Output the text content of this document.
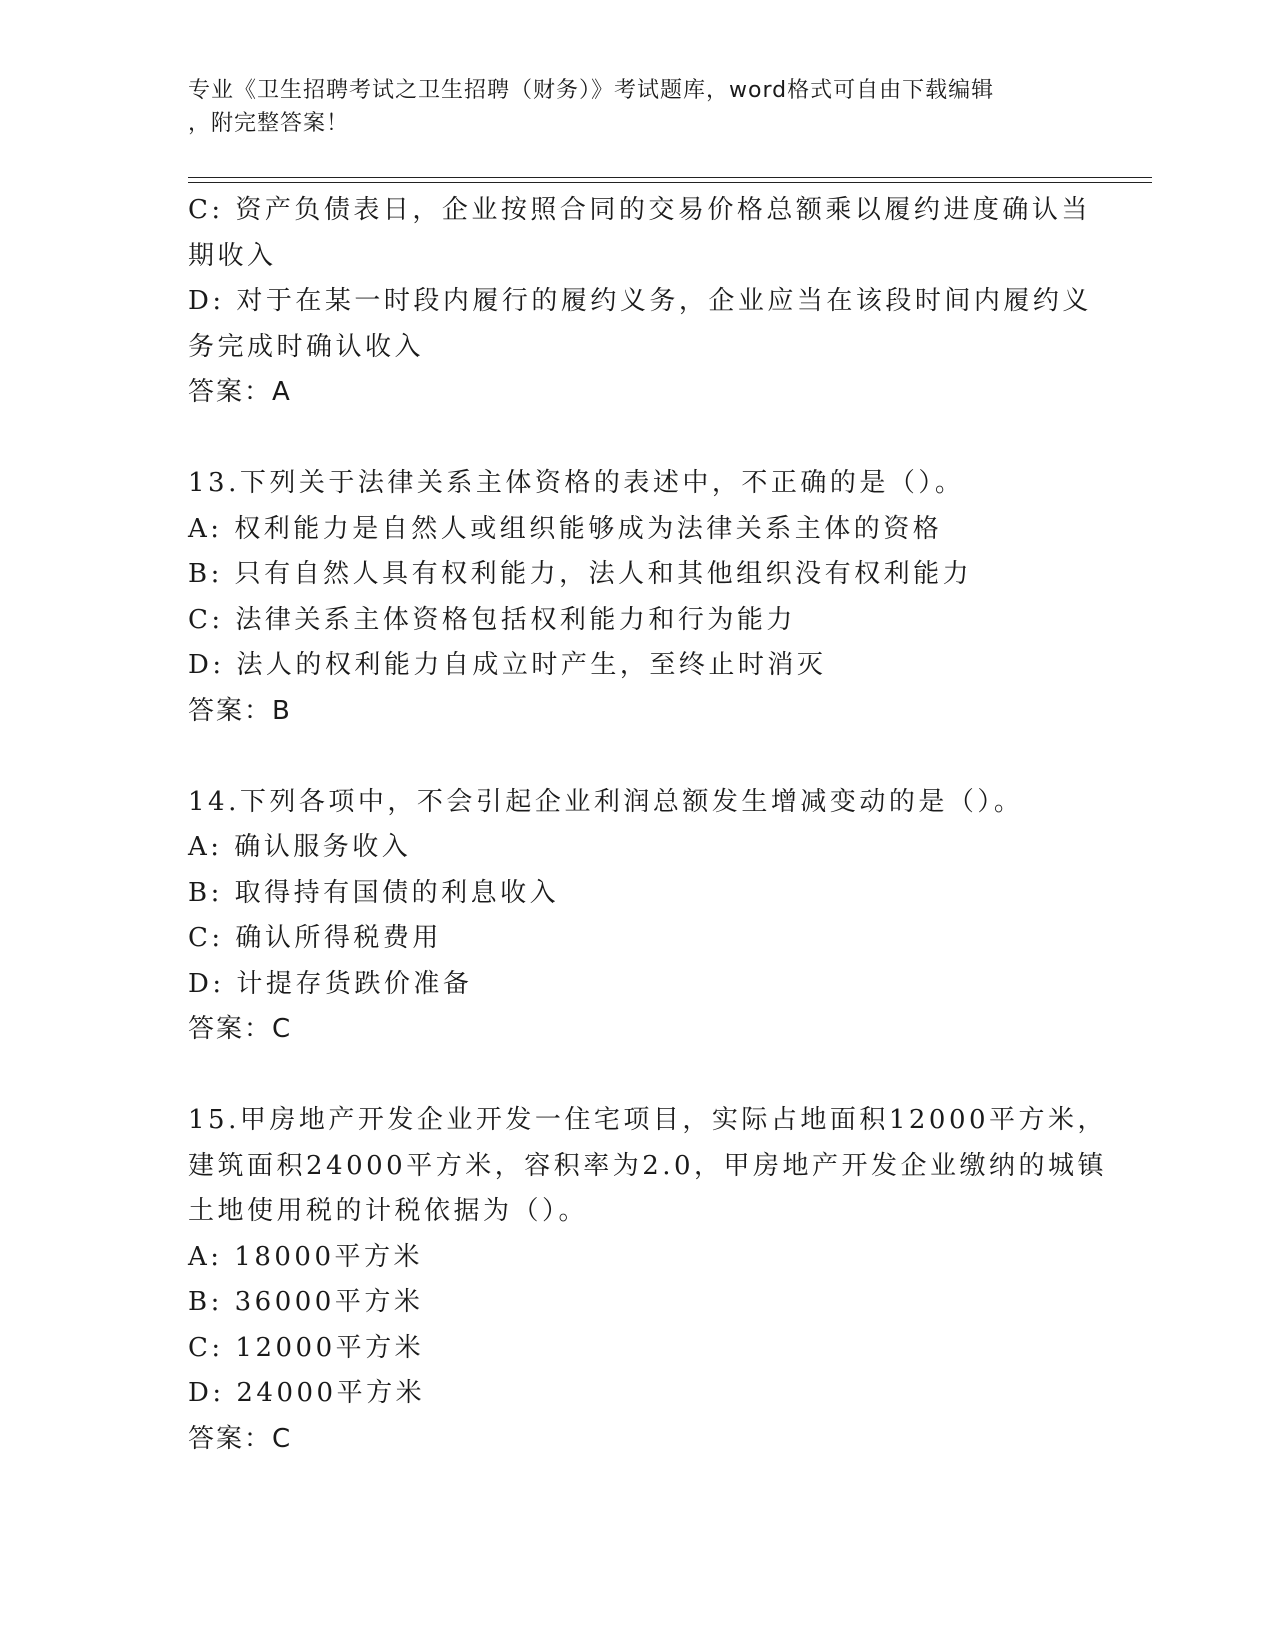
专业《卫生招聘考试之卫生招聘（财务）》考试题库，word格式可自由下载编辑
，附完整答案！
C: 资产负债表日，企业按照合同的交易价格总额乘以履约进度确认当
期收入
D: 对于在某一时段内履行的履约义务，企业应当在该段时间内履约义
务完成时确认收入
答案：A
13.下列关于法律关系主体资格的表述中，不正确的是（）。
A: 权利能力是自然人或组织能够成为法律关系主体的资格
B: 只有自然人具有权利能力，法人和其他组织没有权利能力
C: 法律关系主体资格包括权利能力和行为能力
D: 法人的权利能力自成立时产生，至终止时消灭
答案：B
14.下列各项中，不会引起企业利润总额发生增减变动的是（）。
A: 确认服务收入
B: 取得持有国债的利息收入
C: 确认所得税费用
D: 计提存货跌价准备
答案：C
15.甲房地产开发企业开发一住宅项目，实际占地面积12000平方米，
建筑面积24000平方米，容积率为2.0，甲房地产开发企业缴纳的城镇
土地使用税的计税依据为（）。
A: 18000平方米
B: 36000平方米
C: 12000平方米
D: 24000平方米
答案：C
